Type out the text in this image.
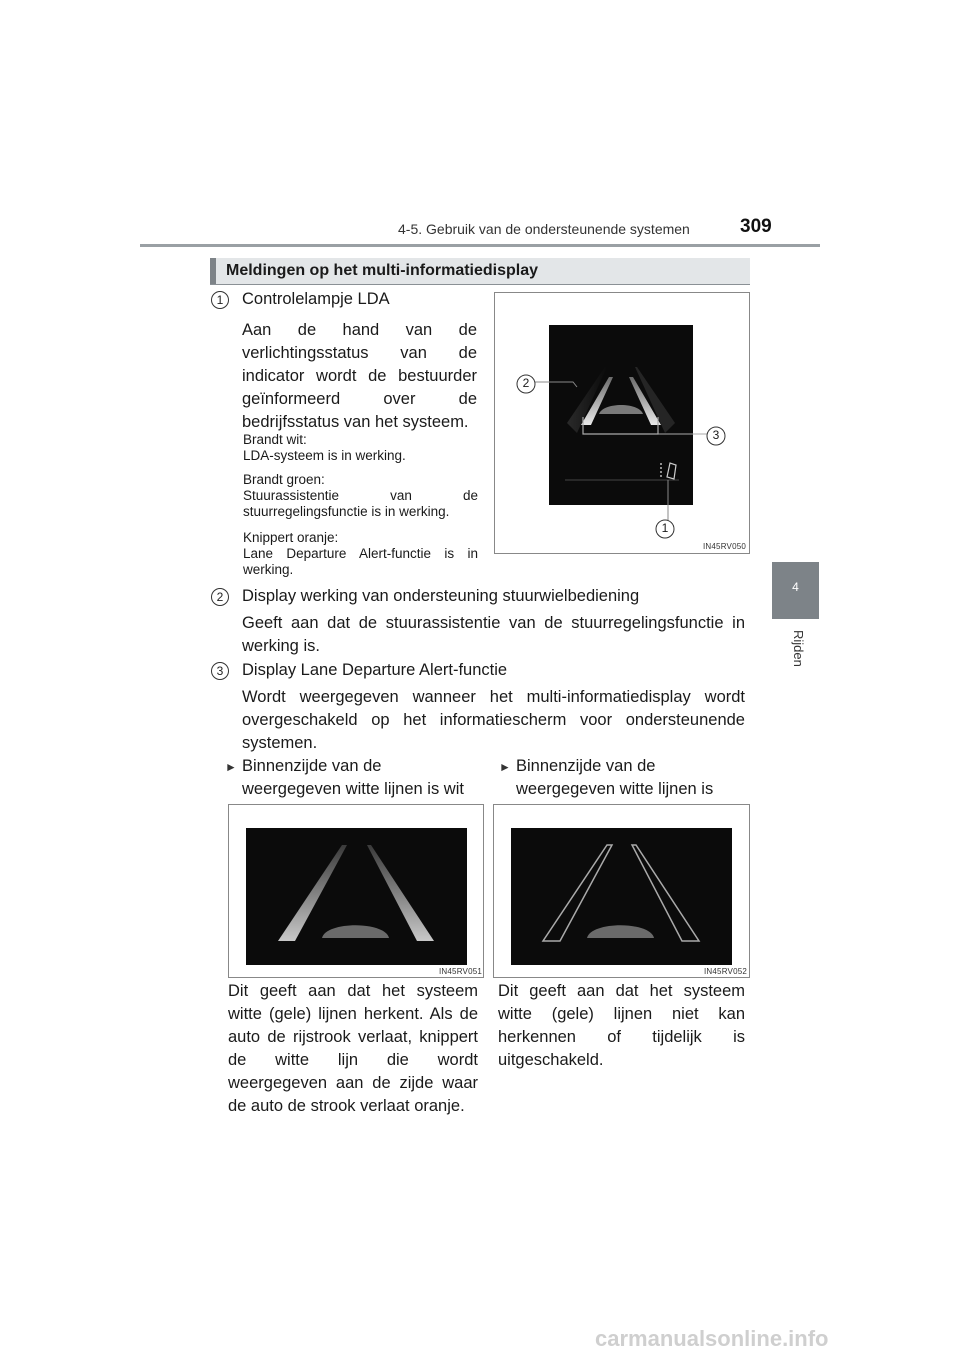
4-5. Gebruik van de ondersteunende systemen	309
4
Rijden
Meldingen op het multi-informatiedisplay
1	Controlelampje LDA
Aan de hand van de verlichtingsstatus van de indicator wordt de bestuurder geïnformeerd over de bedrijfsstatus van het systeem.
Brandt wit:
LDA-systeem is in werking.
Brandt groen:
Stuurassistentie van de stuurregelingsfunctie is in werking.
Knippert oranje:
Lane Departure Alert-functie is in werking.
2
3
1
IN45RV050
2	Display werking van ondersteuning stuurwielbediening
Geeft aan dat de stuurassistentie van de stuurregelingsfunctie in werking is.
3	Display Lane Departure Alert-functie
Wordt weergegeven wanneer het multi-informatiedisplay wordt overgeschakeld op het informatiescherm voor ondersteunende systemen.
► Binnenzijde van de weergegeven witte lijnen is wit
► Binnenzijde van de weergegeven witte lijnen is
IN45RV051	IN45RV052
Dit geeft aan dat het systeem witte (gele) lijnen herkent. Als de auto de rijstrook verlaat, knippert de witte lijn die wordt weergegeven aan de zijde waar de auto de strook verlaat oranje.
Dit geeft aan dat het systeem witte (gele) lijnen niet kan herkennen of tijdelijk is uitgeschakeld.
carmanualsonline.info
